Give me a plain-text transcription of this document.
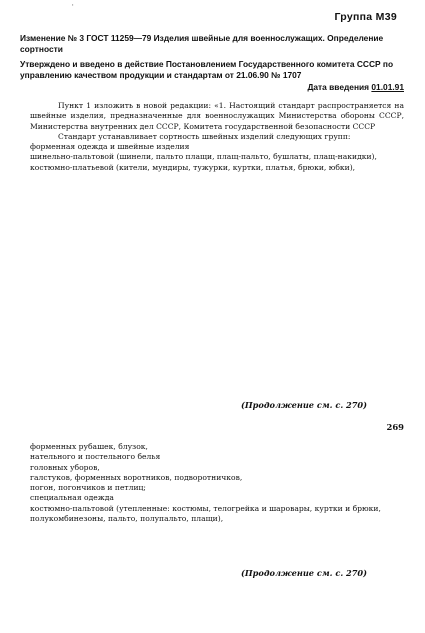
'
Группа М39
Изменение № 3 ГОСТ 11259—79 Изделия швейные для военнослужащих. Определение сортности
Утверждено и введено в действие Постановлением Государственного комитета СССР по управлению качеством продукции и стандартам от 21.06.90 № 1707
Дата введения 01.01.91

Пункт 1 изложить в новой редакции: «1. Настоящий стандарт распространяется на швейные изделия, предназначенные для военнослужащих Министерства обороны СССР, Министерства внутренних дел СССР, Комитета государственной безопасности СССР

Стандарт устанавливает сортность швейных изделий следующих групп:

форменная одежда и швейные изделия

шинельно-пальтовой (шинели, пальто плащи, плащ-пальто, бушлаты, плащ-накидки),

костюмно-платьевой (кители, мундиры, тужурки, куртки, платья, брюки, юбки),

(Продолжение см. с. 270)
269

форменных рубашек, блузок,

нательного и постельного белья

головных уборов,

галстуков, форменных воротников, подворотничков,

погон, погончиков и петлиц;

специальная одежда

костюмно-пальтовой (утепленные: костюмы, телогрейка и шаровары, куртки и брюки, полукомбинезоны, пальто, полупальто, плащи),

(Продолжение см. с. 270)
